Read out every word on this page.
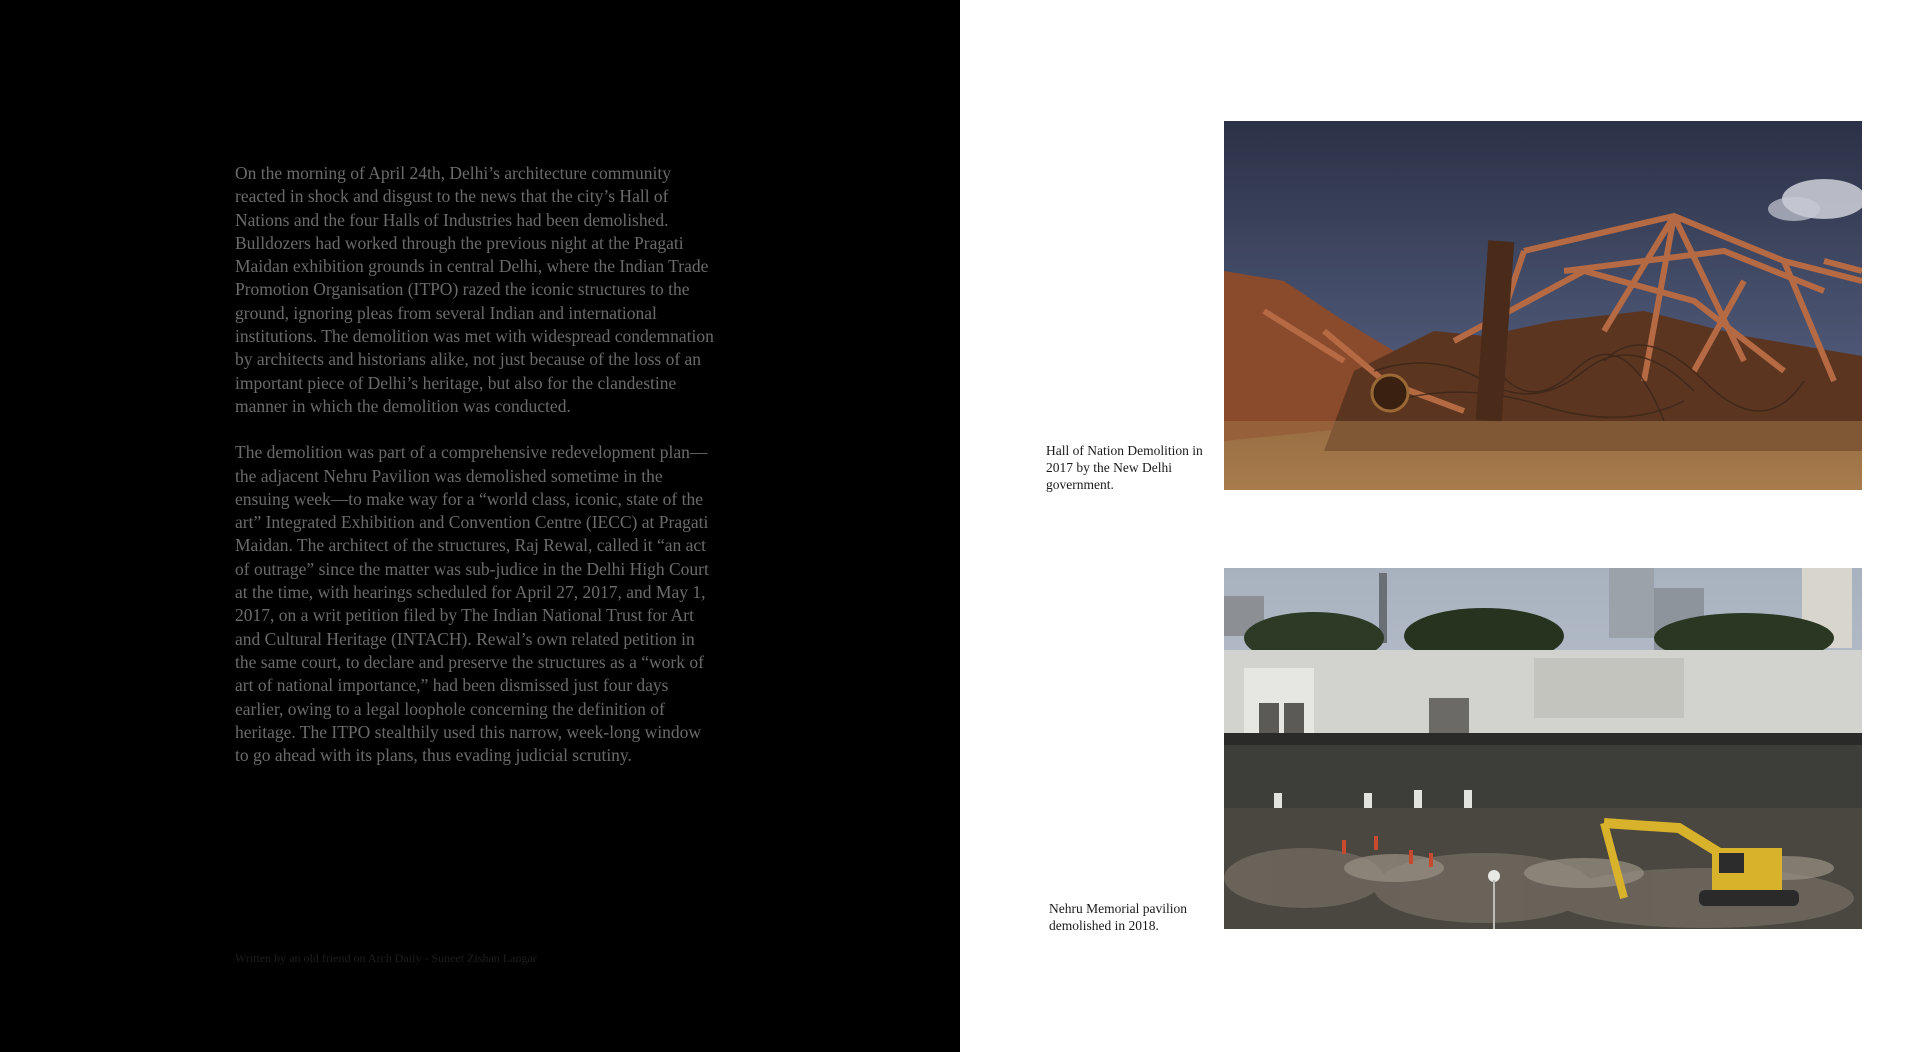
On the morning of April 24th, Delhi’s architecture community reacted in shock and disgust to the news that the city’s Hall of Nations and the four Halls of Industries had been demolished. Bulldozers had worked through the previous night at the Pragati Maidan exhibition grounds in central Delhi, where the Indian Trade Promotion Organisation (ITPO) razed the iconic structures to the ground, ignoring pleas from several Indian and international institutions. The demolition was met with widespread condemnation by architects and historians alike, not just because of the loss of an important piece of Delhi’s heritage, but also for the clandestine manner in which the demolition was conducted.

The demolition was part of a comprehensive redevelopment plan—the adjacent Nehru Pavilion was demolished sometime in the ensuing week—to make way for a “world class, iconic, state of the art” Integrated Exhibition and Convention Centre (IECC) at Pragati Maidan. The architect of the structures, Raj Rewal, called it “an act of outrage” since the matter was sub-judice in the Delhi High Court at the time, with hearings scheduled for April 27, 2017, and May 1, 2017, on a writ petition filed by The Indian National Trust for Art and Cultural Heritage (INTACH). Rewal’s own related petition in the same court, to declare and preserve the structures as a “work of art of national importance,” had been dismissed just four days earlier, owing to a legal loophole concerning the definition of heritage. The ITPO stealthily used this narrow, week-long window to go ahead with its plans, thus evading judicial scrutiny.

Written by an old friend on Arch Daily - Suneet Zishan Langar
Hall of Nation Demolition in 2017 by the New Delhi government.
Nehru Memorial pavilion demolished in 2018.
